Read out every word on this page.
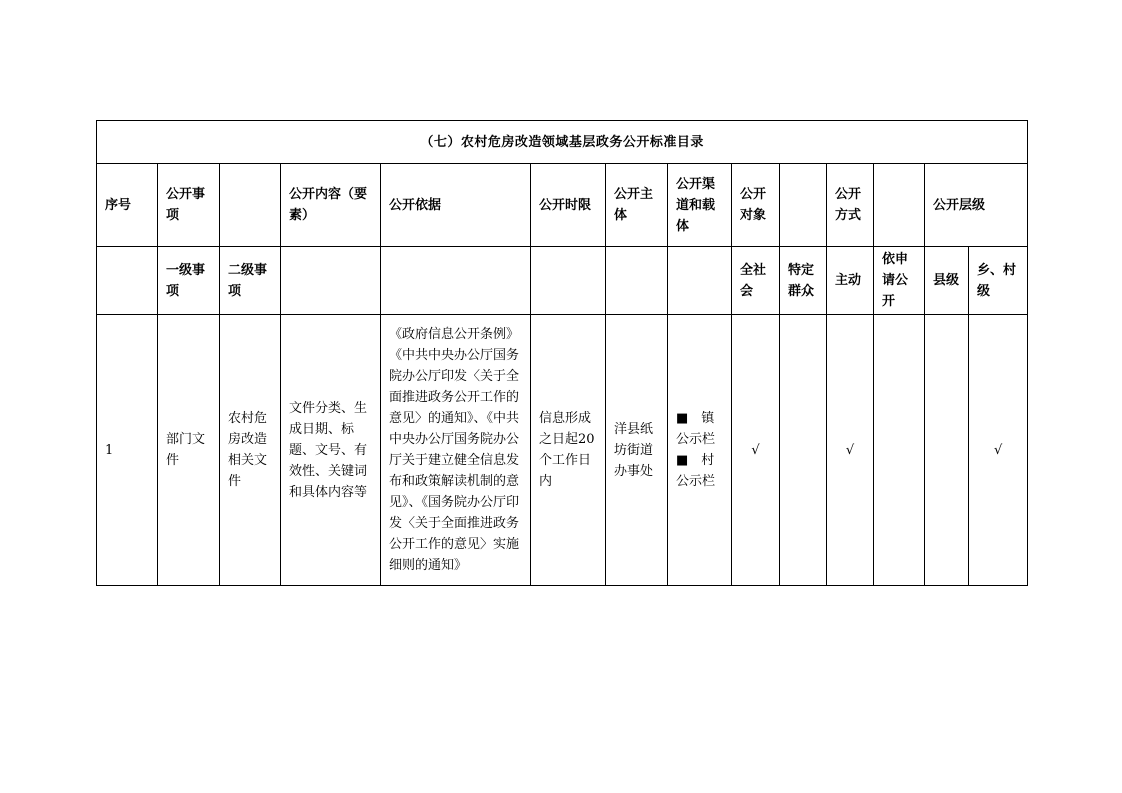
（七）农村危房改造领域基层政务公开标准目录													
序号	公开事项		公开内容（要素）	公开依据	公开时限	公开主体	公开渠道和载体	公开对象		公开方式		公开层级	
	一级事项	二级事项						全社会	特定群众	主动	依申请公开	县级	乡、村级
1	部门文件	农村危房改造相关文件	文件分类、生成日期、标题、文号、有效性、关键词和具体内容等	《政府信息公开条例》《中共中央办公厅国务院办公厅印发〈关于全面推进政务公开工作的意见〉的通知》、《中共中央办公厅国务院办公厅关于建立健全信息发布和政策解读机制的意见》、《国务院办公厅印发〈关于全面推进政务公开工作的意见〉实施细则的通知》	信息形成之日起20个工作日内	洋县纸坊街道办事处	■　镇公示栏
■　村公示栏	√		√			√
